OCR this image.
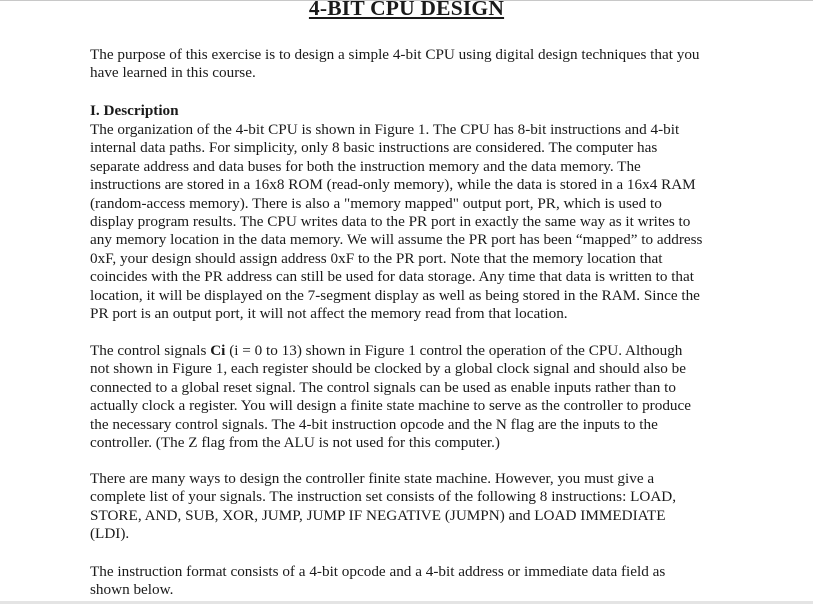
4-BIT CPU DESIGN

The purpose of this exercise is to design a simple 4-bit CPU using digital design techniques that you
have learned in this course.

I. Description

The organization of the 4-bit CPU is shown in Figure 1. The CPU has 8-bit instructions and 4-bit
internal data paths. For simplicity, only 8 basic instructions are considered. The computer has
separate address and data buses for both the instruction memory and the data memory. The
instructions are stored in a 16x8 ROM (read-only memory), while the data is stored in a 16x4 RAM
(random-access memory). There is also a "memory mapped" output port, PR, which is used to
display program results. The CPU writes data to the PR port in exactly the same way as it writes to
any memory location in the data memory. We will assume the PR port has been “mapped” to address
0xF, your design should assign address 0xF to the PR port. Note that the memory location that
coincides with the PR address can still be used for data storage. Any time that data is written to that
location, it will be displayed on the 7-segment display as well as being stored in the RAM. Since the
PR port is an output port, it will not affect the memory read from that location.

The control signals Ci (i = 0 to 13) shown in Figure 1 control the operation of the CPU. Although
not shown in Figure 1, each register should be clocked by a global clock signal and should also be
connected to a global reset signal. The control signals can be used as enable inputs rather than to
actually clock a register. You will design a finite state machine to serve as the controller to produce
the necessary control signals. The 4-bit instruction opcode and the N flag are the inputs to the
controller. (The Z flag from the ALU is not used for this computer.)

There are many ways to design the controller finite state machine. However, you must give a
complete list of your signals. The instruction set consists of the following 8 instructions: LOAD,
STORE, AND, SUB, XOR, JUMP, JUMP IF NEGATIVE (JUMPN) and LOAD IMMEDIATE
(LDI).

The instruction format consists of a 4-bit opcode and a 4-bit address or immediate data field as
shown below.
